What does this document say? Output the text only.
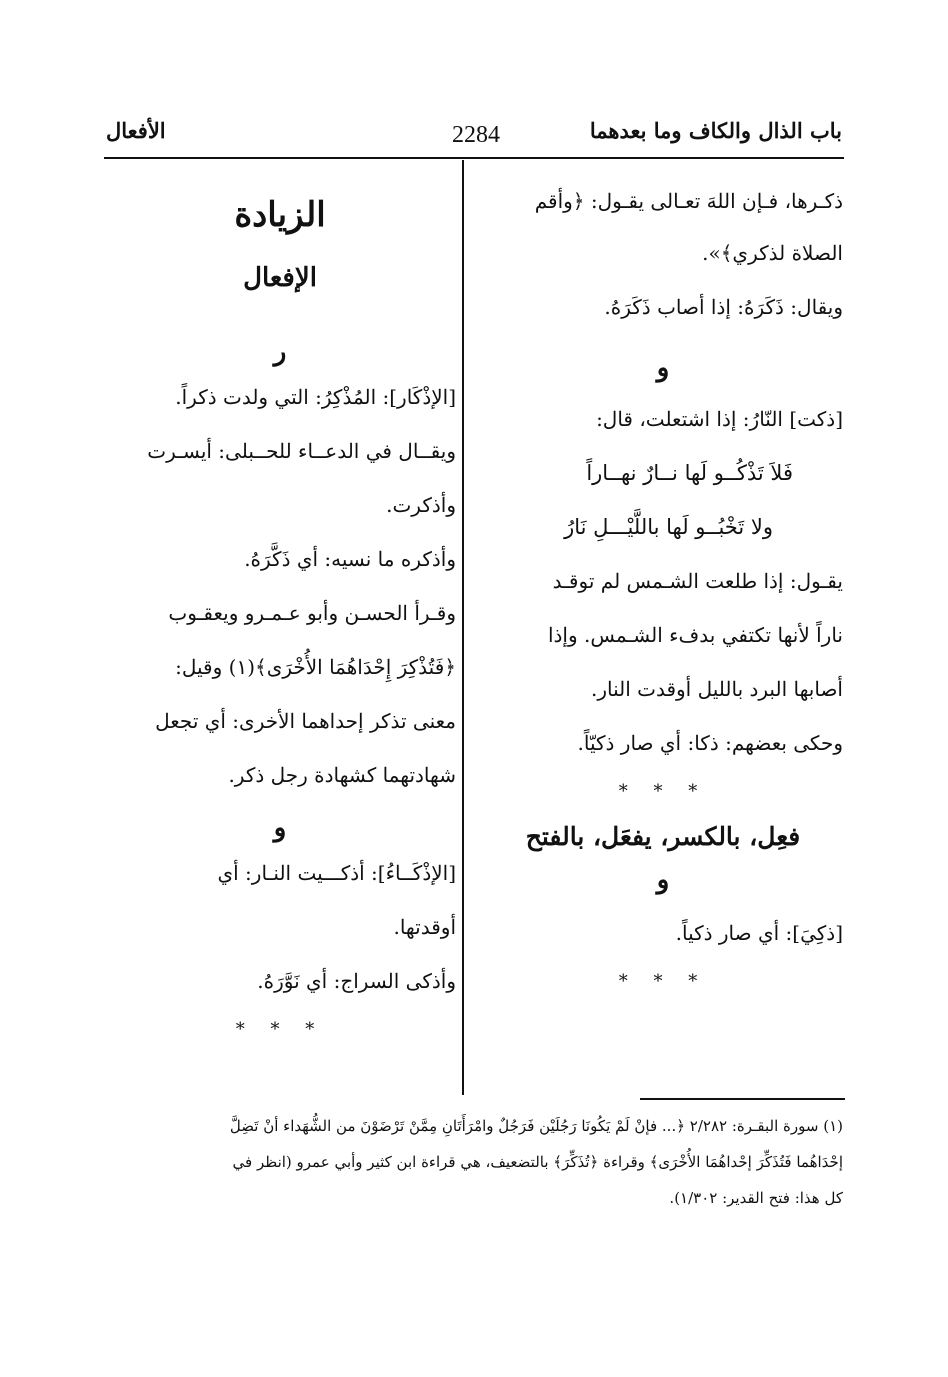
باب الذال والكاف وما بعدهما
2284
الأفعال
ذكـرها، فـإن اللهَ تعـالى يقـول: ﴿وأقم
الصلاة لذكري﴾».
ويقال: ذَكَرَهُ: إذا أصاب ذَكَرَهُ.
و
[ذكت] النّارُ: إذا اشتعلت، قال:
فَلاَ تَذْكُــو لَها نــارٌ نهــاراً
ولا تَخْبُــو لَها باللَّيْـــلِ نَارُ
يقـول: إذا طلعت الشـمس لم توقـد
ناراً لأنها تكتفي بدفء الشـمس. وإذا
أصابها البرد بالليل أوقدت النار.
وحكى بعضهم: ذكا: أي صار ذكيّاً.
* * *
فعِل، بالكسر، يفعَل، بالفتح
و
[ذكِيَ]: أي صار ذكياً.
* * *
الزيادة
الإفعال
ر
[الإذْكَار]: المُذْكِرُ: التي ولدت ذكراً.
ويقــال في الدعــاء للحــبلى: أيسـرت
وأذكرت.
وأذكره ما نسيه: أي ذَكَّرَهُ.
وقـرأ الحسـن وأبو عـمـرو ويعقـوب
﴿فَتُذْكِرَ إِحْدَاهُمَا الأُخْرَى﴾(١) وقيل:
معنى تذكر إحداهما الأخرى: أي تجعل
شهادتهما كشهادة رجل ذكر.
و
[الإذْكَــاءُ]: أذكـــيت النـار: أي
أوقدتها.
وأذكى السراج: أي نَوَّرَهُ.
* * *

(١) سورة البقـرة: ٢/٢٨٢ ﴿... فإنْ لَمْ يَكُونَا رَجُلَيْن فَرَجُلٌ وامْرَأَتَانِ مِمَّنْ تَرْضَوْنَ من الشُّهَداء أنْ تَضِلَّ

إحْدَاهُما فَتُذَكِّرَ إحْداهُمَا الأُخْرَى﴾ وقراءة ﴿تُذَكِّرَ﴾ بالتضعيف، هي قراءة ابن كثير وأبي عمرو (انظر في

كل هذا: فتح القدير: ١/٣٠٢).
